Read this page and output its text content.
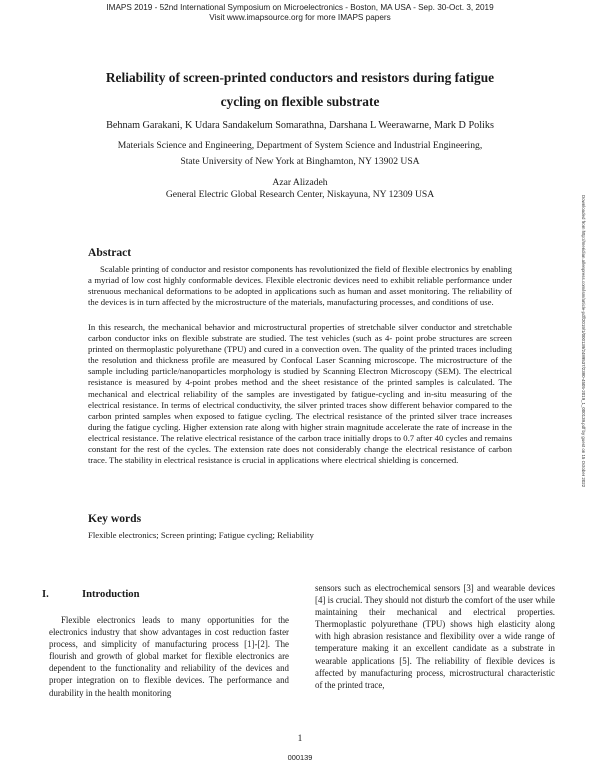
IMAPS 2019 - 52nd International Symposium on Microelectronics - Boston, MA USA - Sep. 30-Oct. 3, 2019
Visit www.imapsource.org for more IMAPS papers
Reliability of screen-printed conductors and resistors during fatigue
cycling on flexible substrate
Behnam Garakani, K Udara Sandakelum Somarathna, Darshana L Weerawarne, Mark D Poliks
Materials Science and Engineering, Department of System Science and Industrial Engineering,
State University of New York at Binghamton, NY 13902 USA
Azar Alizadeh
General Electric Global Research Center, Niskayuna, NY 12309 USA
Downloaded from http://meridian.allenpress.com/ism/article-pdf/2019/1/000139/2489537/2380-4505-2019_1_000139.pdf by guest on 15 October 2022
Abstract

Scalable printing of conductor and resistor components has revolutionized the field of flexible electronics by enabling a myriad of low cost highly conformable devices. Flexible electronic devices need to exhibit reliable performance under strenuous mechanical deformations to be adopted in applications such as human and asset monitoring. The reliability of the devices is in turn affected by the microstructure of the materials, manufacturing processes, and conditions of use.

In this research, the mechanical behavior and microstructural properties of stretchable silver conductor and stretchable carbon conductor inks on flexible substrate are studied. The test vehicles (such as 4- point probe structures are screen printed on thermoplastic polyurethane (TPU) and cured in a convection oven. The quality of the printed traces including the resolution and thickness profile are measured by Confocal Laser Scanning microscope. The microstructure of the sample including particle/nanoparticles morphology is studied by Scanning Electron Microscopy (SEM). The electrical resistance is measured by 4-point probes method and the sheet resistance of the printed samples is calculated. The mechanical and electrical reliability of the samples are investigated by fatigue-cycling and in-situ measuring of the electrical resistance. In terms of electrical conductivity, the silver printed traces show different behavior compared to the carbon printed samples when exposed to fatigue cycling. The electrical resistance of the printed silver trace increases during the fatigue cycling. Higher extension rate along with higher strain magnitude accelerate the rate of increase in the electrical resistance. The relative electrical resistance of the carbon trace initially drops to 0.7 after 40 cycles and remains constant for the rest of the cycles. The extension rate does not considerably change the electrical resistance of carbon trace. The stability in electrical resistance is crucial in applications where electrical shielding is concerned.

Key words

Flexible electronics; Screen printing; Fatigue cycling; Reliability

I.	Introduction

Flexible electronics leads to many opportunities for the electronics industry that show advantages in cost reduction faster process, and simplicity of manufacturing process [1]-[2]. The flourish and growth of global market for flexible electronics are dependent to the functionality and reliability of the devices and proper integration on to flexible devices. The performance and durability in the health monitoring

sensors such as electrochemical sensors [3] and wearable devices [4] is crucial. They should not disturb the comfort of the user while maintaining their mechanical and electrical properties. Thermoplastic polyurethane (TPU) shows high elasticity along with high abrasion resistance and flexibility over a wide range of temperature making it an excellent candidate as a substrate in wearable applications [5]. The reliability of flexible devices is affected by manufacturing process, microstructural characteristic of the printed trace,

1
000139
